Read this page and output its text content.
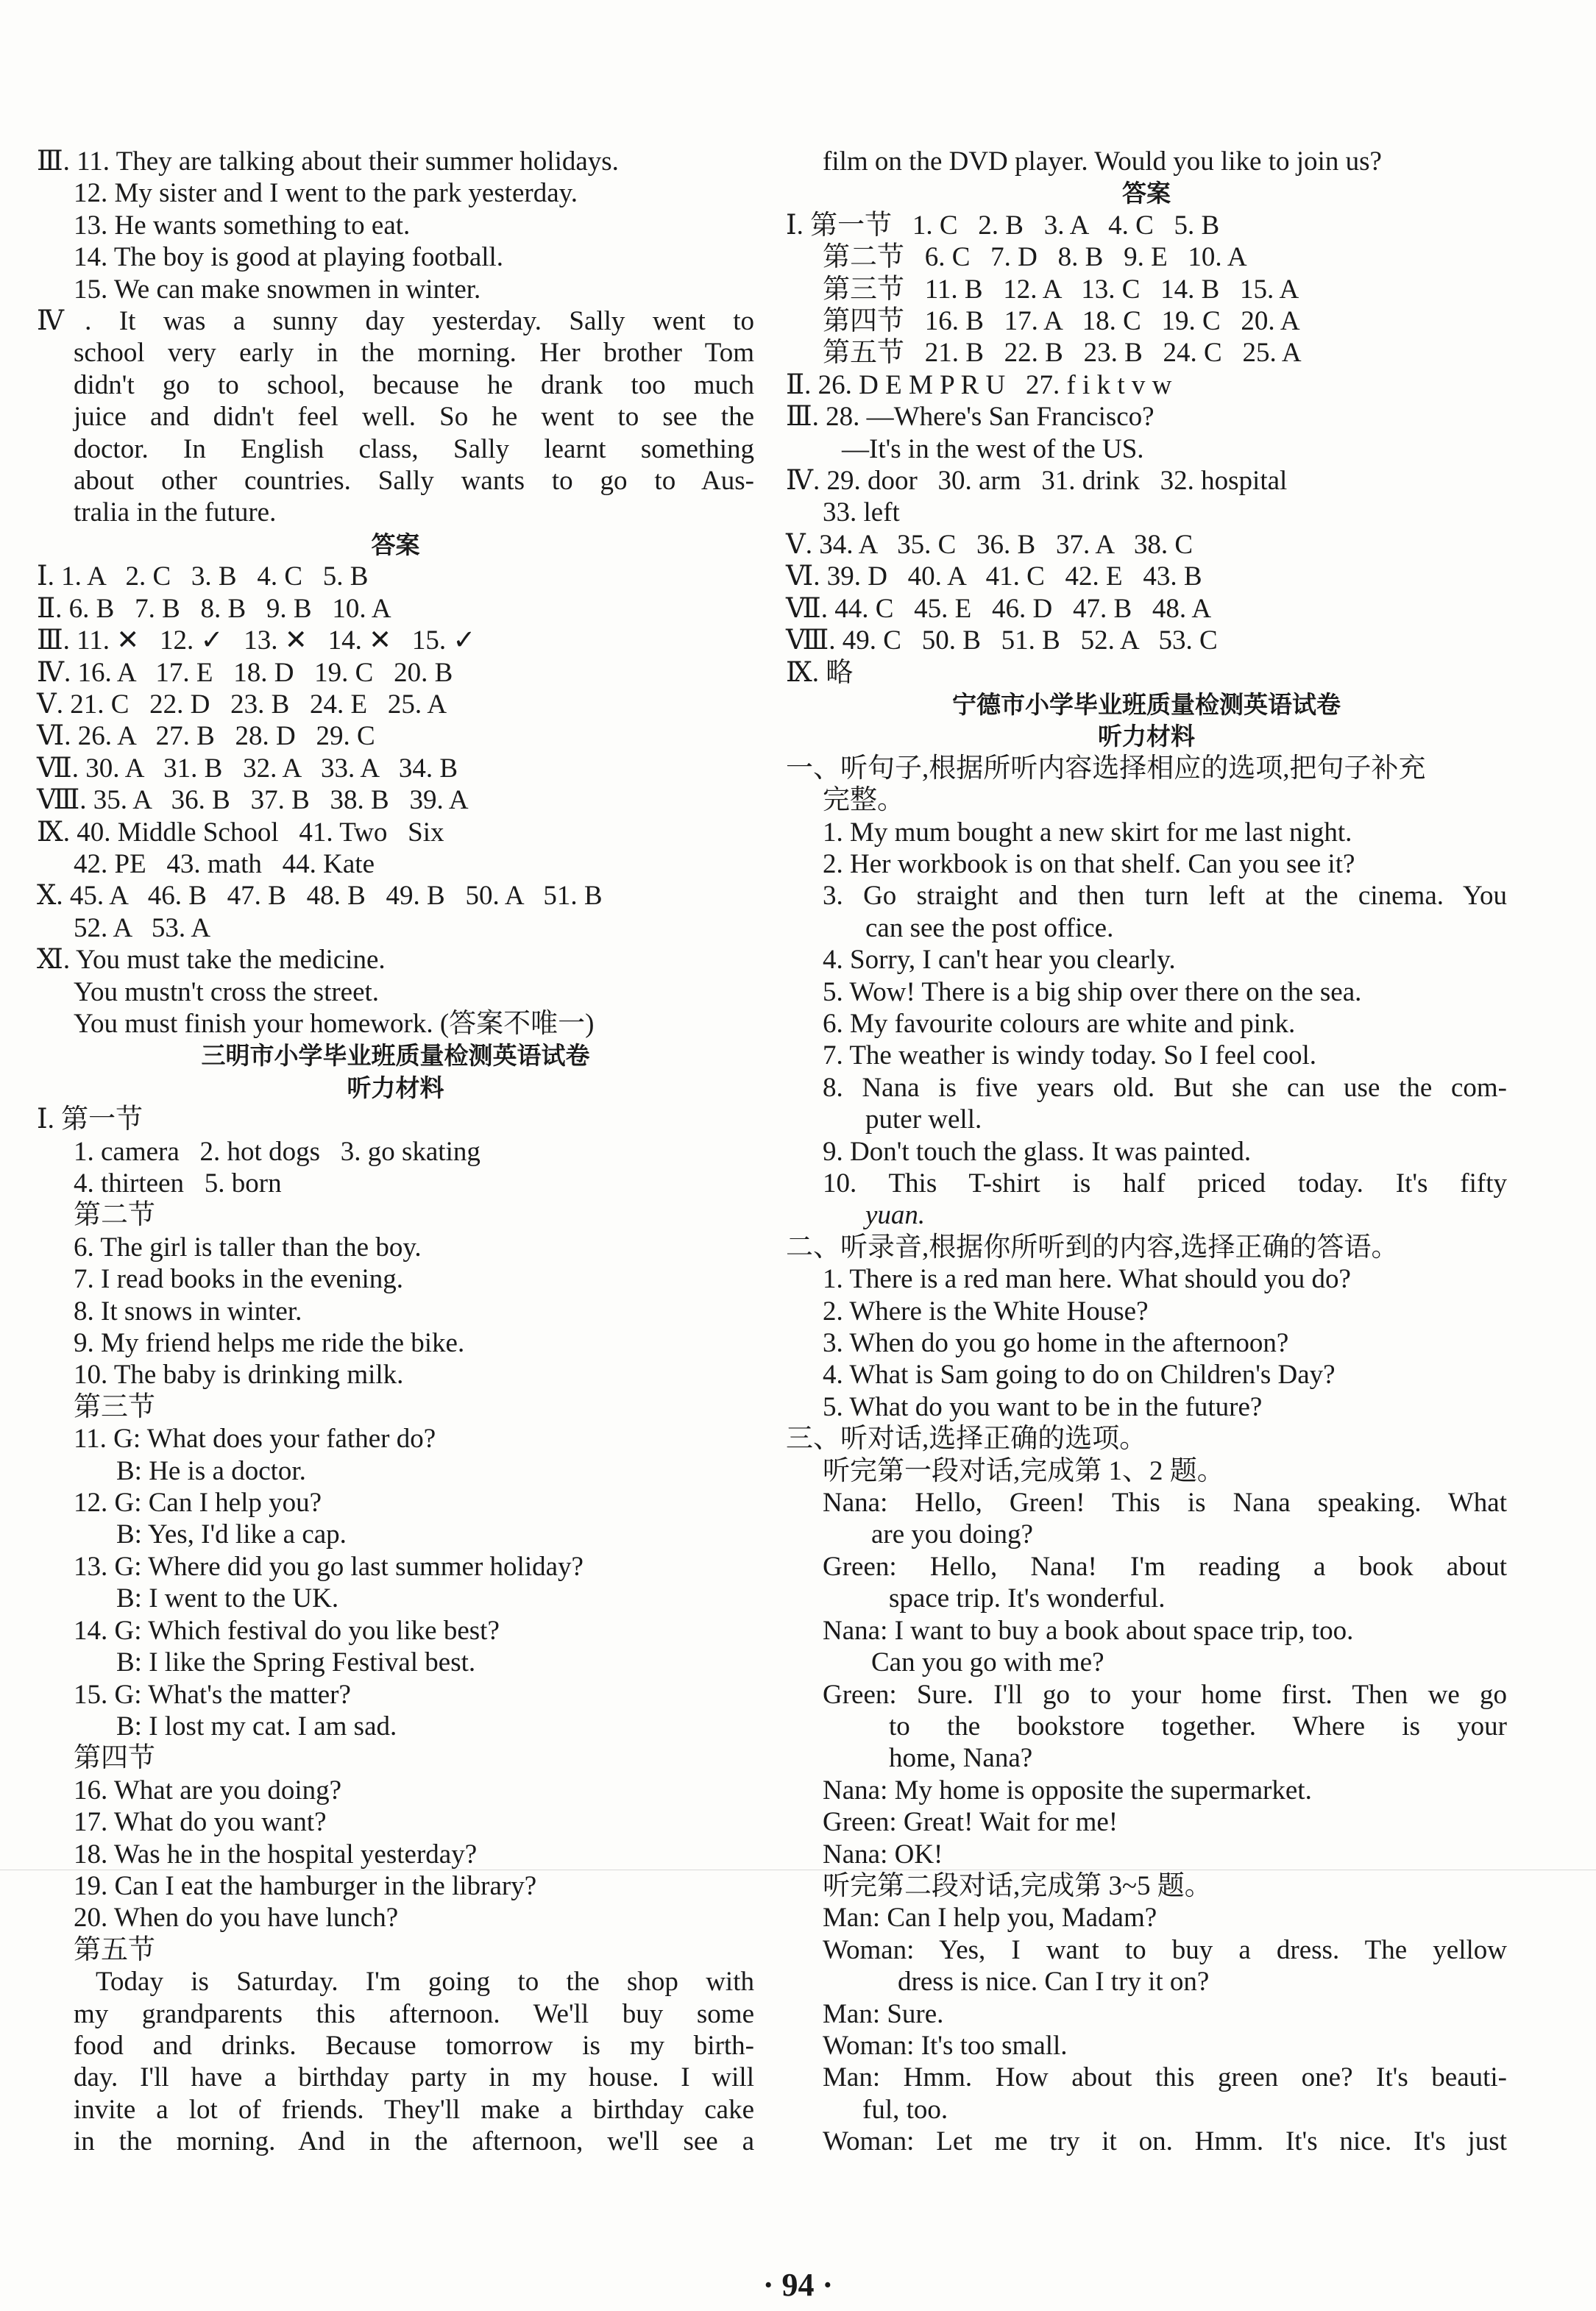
Ⅲ. 11. They are talking about their summer holidays.
12. My sister and I went to the park yesterday.
13. He wants something to eat.
14. The boy is good at playing football.
15. We can make snowmen in winter.
Ⅳ. It was a sunny day yesterday. Sally went to
school very early in the morning. Her brother Tom
didn't go to school, because he drank too much
juice and didn't feel well. So he went to see the
doctor. In English class, Sally learnt something
about other countries. Sally wants to go to Aus-
tralia in the future.
答案
Ⅰ. 1. A   2. C   3. B   4. C   5. B
Ⅱ. 6. B   7. B   8. B   9. B   10. A
Ⅲ. 11. ✕   12. ✓   13. ✕   14. ✕   15. ✓
Ⅳ. 16. A   17. E   18. D   19. C   20. B
Ⅴ. 21. C   22. D   23. B   24. E   25. A
Ⅵ. 26. A   27. B   28. D   29. C
Ⅶ. 30. A   31. B   32. A   33. A   34. B
Ⅷ. 35. A   36. B   37. B   38. B   39. A
Ⅸ. 40. Middle School   41. Two   Six
42. PE   43. math   44. Kate
Ⅹ. 45. A   46. B   47. B   48. B   49. B   50. A   51. B
52. A   53. A
Ⅺ. You must take the medicine.
You mustn't cross the street.
You must finish your homework. (答案不唯一)
三明市小学毕业班质量检测英语试卷
听力材料
Ⅰ. 第一节
1. camera   2. hot dogs   3. go skating
4. thirteen   5. born
第二节
6. The girl is taller than the boy.
7. I read books in the evening.
8. It snows in winter.
9. My friend helps me ride the bike.
10. The baby is drinking milk.
第三节
11. G: What does your father do?
B: He is a doctor.
12. G: Can I help you?
B: Yes, I'd like a cap.
13. G: Where did you go last summer holiday?
B: I went to the UK.
14. G: Which festival do you like best?
B: I like the Spring Festival best.
15. G: What's the matter?
B: I lost my cat. I am sad.
第四节
16. What are you doing?
17. What do you want?
18. Was he in the hospital yesterday?
19. Can I eat the hamburger in the library?
20. When do you have lunch?
第五节
Today is Saturday. I'm going to the shop with
my grandparents this afternoon. We'll buy some
food and drinks. Because tomorrow is my birth-
day. I'll have a birthday party in my house. I will
invite a lot of friends. They'll make a birthday cake
in the morning. And in the afternoon, we'll see a
film on the DVD player. Would you like to join us?
答案
Ⅰ. 第一节   1. C   2. B   3. A   4. C   5. B
第二节   6. C   7. D   8. B   9. E   10. A
第三节   11. B   12. A   13. C   14. B   15. A
第四节   16. B   17. A   18. C   19. C   20. A
第五节   21. B   22. B   23. B   24. C   25. A
Ⅱ. 26. D E M P R U   27. f i k t v w
Ⅲ. 28. —Where's San Francisco?
—It's in the west of the US.
Ⅳ. 29. door   30. arm   31. drink   32. hospital
33. left
Ⅴ. 34. A   35. C   36. B   37. A   38. C
Ⅵ. 39. D   40. A   41. C   42. E   43. B
Ⅶ. 44. C   45. E   46. D   47. B   48. A
Ⅷ. 49. C   50. B   51. B   52. A   53. C
Ⅸ. 略
宁德市小学毕业班质量检测英语试卷
听力材料
一、听句子,根据所听内容选择相应的选项,把句子补充
完整。
1. My mum bought a new skirt for me last night.
2. Her workbook is on that shelf. Can you see it?
3. Go straight and then turn left at the cinema. You
can see the post office.
4. Sorry, I can't hear you clearly.
5. Wow! There is a big ship over there on the sea.
6. My favourite colours are white and pink.
7. The weather is windy today. So I feel cool.
8. Nana is five years old. But she can use the com-
puter well.
9. Don't touch the glass. It was painted.
10. This T-shirt is half priced today. It's fifty
yuan.
二、听录音,根据你所听到的内容,选择正确的答语。
1. There is a red man here. What should you do?
2. Where is the White House?
3. When do you go home in the afternoon?
4. What is Sam going to do on Children's Day?
5. What do you want to be in the future?
三、听对话,选择正确的选项。
听完第一段对话,完成第 1、2 题。
Nana: Hello, Green! This is Nana speaking. What
are you doing?
Green: Hello, Nana! I'm reading a book about
space trip. It's wonderful.
Nana: I want to buy a book about space trip, too.
Can you go with me?
Green: Sure. I'll go to your home first. Then we go
to the bookstore together. Where is your
home, Nana?
Nana: My home is opposite the supermarket.
Green: Great! Wait for me!
Nana: OK!
听完第二段对话,完成第 3~5 题。
Man: Can I help you, Madam?
Woman: Yes, I want to buy a dress. The yellow
dress is nice. Can I try it on?
Man: Sure.
Woman: It's too small.
Man: Hmm. How about this green one? It's beauti-
ful, too.
Woman: Let me try it on. Hmm. It's nice. It's just
· 94 ·
